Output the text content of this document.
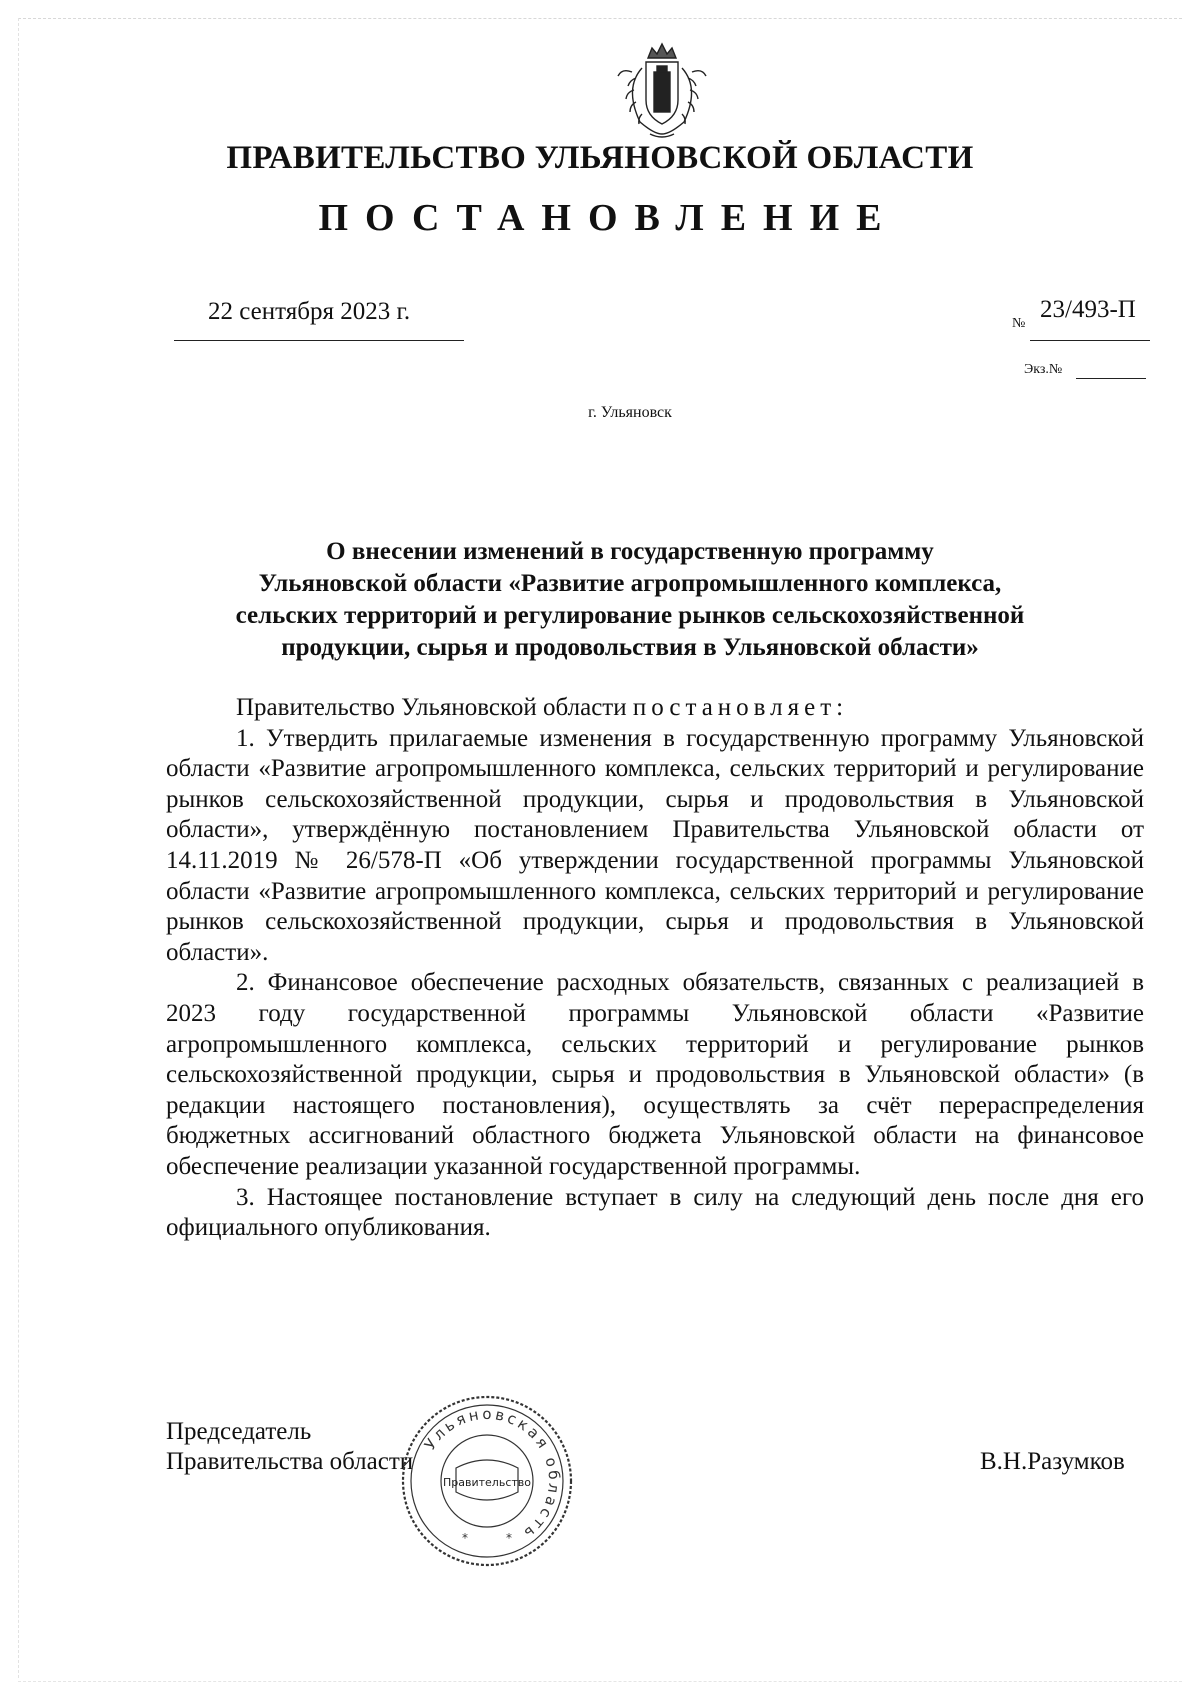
ПРАВИТЕЛЬСТВО УЛЬЯНОВСКОЙ ОБЛАСТИ
ПОСТАНОВЛЕНИЕ
22 сентября 2023 г.	№
23/493-П
Экз.№
г. Ульяновск
О внесении изменений в государственную программу
Ульяновской области «Развитие агропромышленного комплекса,
сельских территорий и регулирование рынков сельскохозяйственной
продукции, сырья и продовольствия в Ульяновской области»

Правительство Ульяновской области постановляет:

1. Утвердить прилагаемые изменения в государственную программу Ульяновской области «Развитие агропромышленного комплекса, сельских территорий и регулирование рынков сельскохозяйственной продукции, сырья и продовольствия в Ульяновской области», утверждённую постановлением Правительства Ульяновской области от 14.11.2019 № 26/578-П «Об утверждении государственной программы Ульяновской области «Развитие агропромышленного комплекса, сельских территорий и регулирование рынков сельскохозяйственной продукции, сырья и продовольствия в Ульяновской области».

2. Финансовое обеспечение расходных обязательств, связанных с реализацией в 2023 году государственной программы Ульяновской области «Развитие агропромышленного комплекса, сельских территорий и регулирование рынков сельскохозяйственной продукции, сырья и продовольствия в Ульяновской области» (в редакции настоящего постановления), осуществлять за счёт перераспределения бюджетных ассигнований областного бюджета Ульяновской области на финансовое обеспечение реализации указанной государственной программы.

3. Настоящее постановление вступает в силу на следующий день после дня его официального опубликования.

Председатель
Правительства области	В.Н.Разумков
Ульяновская область
Правительство
*	*
